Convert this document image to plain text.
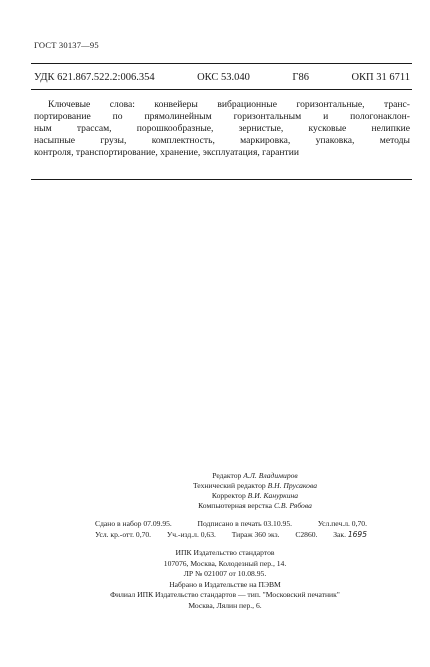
ГОСТ 30137—95
УДК 621.867.522.2:006.354	ОКС 53.040	Г86	ОКП 31 6711
Ключевые слова: конвейеры вибрационные горизонтальные, транс-
портирование по прямолинейным горизонтальным и пологонаклон-
ным трассам, порошкообразные, зернистые, кусковые нелипкие
насыпные грузы, комплектность, маркировка, упаковка, методы
контроля, транспортирование, хранение, эксплуатация, гарантии
Редактор А.Л. Владимиров
Технический редактор В.Н. Прусакова
Корректор В.И. Кануркина
Компьютерная верстка С.В. Рябова
Сдано в набор 07.09.95.	Подписано в печать 03.10.95.	Усл.печ.л. 0,70.
Усл. кр.-отт. 0,70. Уч.-изд.л. 0,63. Тираж 360 экз. С2860. Зак. 1695
ИПК Издательство стандартов
107076, Москва, Колодезный пер., 14.
ЛР № 021007 от 10.08.95.
Набрано в Издательстве на ПЭВМ
Филиал ИПК Издательство стандартов — тип. "Московский печатник"
Москва, Лялин пер., 6.
